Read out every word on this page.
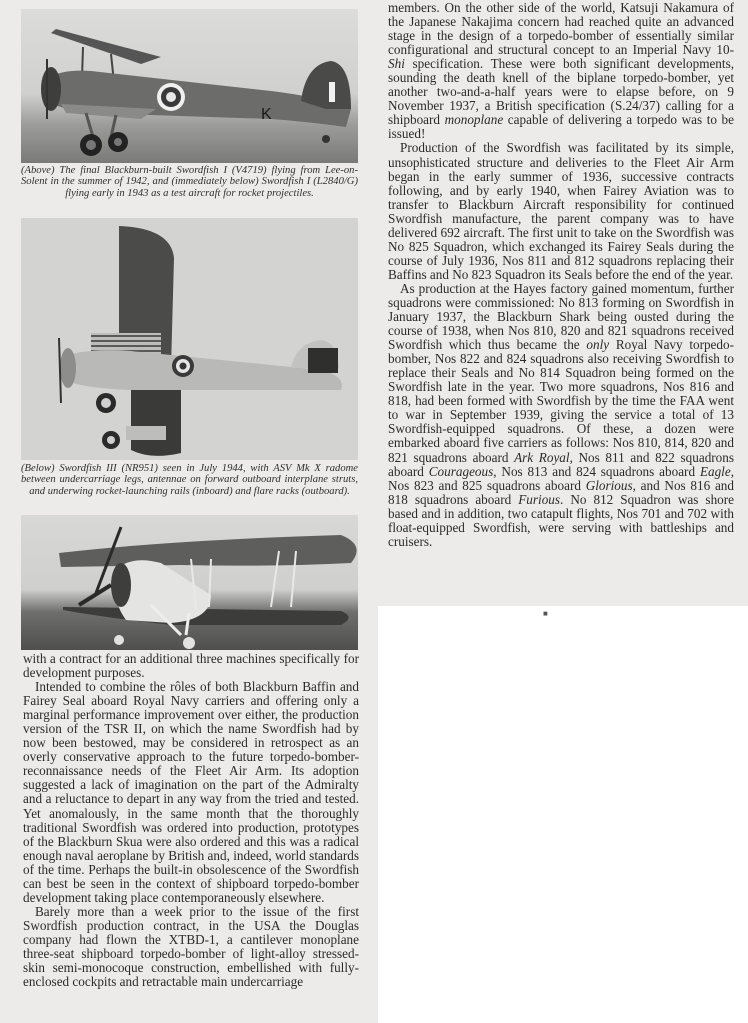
K
(Above) The final Blackburn-built Swordfish I (V4719) flying from Lee-on-Solent in the summer of 1942, and (immediately below) Swordfish I (L2840/G) flying early in 1943 as a test aircraft for rocket projectiles.
(Below) Swordfish III (NR951) seen in July 1944, with ASV Mk X radome between undercarriage legs, antennae on forward outboard interplane struts, and underwing rocket-launching rails (inboard) and flare racks (outboard).

with a contract for an additional three machines specifically for development purposes.

Intended to combine the rôles of both Blackburn Baffin and Fairey Seal aboard Royal Navy carriers and offering only a marginal performance improvement over either, the production version of the TSR II, on which the name Swordfish had by now been bestowed, may be considered in retrospect as an overly conservative approach to the future torpedo-bomber-reconnaissance needs of the Fleet Air Arm. Its adoption suggested a lack of imagination on the part of the Admiralty and a reluctance to depart in any way from the tried and tested. Yet anomalously, in the same month that the thoroughly traditional Swordfish was ordered into production, prototypes of the Blackburn Skua were also ordered and this was a radical enough naval aeroplane by British and, indeed, world standards of the time. Perhaps the built-in obsolescence of the Swordfish can best be seen in the context of shipboard torpedo-bomber development taking place contemporaneously elsewhere.

Barely more than a week prior to the issue of the first Swordfish production contract, in the USA the Douglas company had flown the XTBD-1, a cantilever monoplane three-seat shipboard torpedo-bomber of light-alloy stressed-skin semi-monocoque construction, embellished with fully-enclosed cockpits and retractable main undercarriage

members. On the other side of the world, Katsuji Nakamura of the Japanese Nakajima concern had reached quite an advanced stage in the design of a torpedo-bomber of essentially similar configurational and structural concept to an Imperial Navy 10-Shi specification. These were both significant developments, sounding the death knell of the biplane torpedo-bomber, yet another two-and-a-half years were to elapse before, on 9 November 1937, a British specification (S.24/37) calling for a shipboard monoplane capable of delivering a torpedo was to be issued!

Production of the Swordfish was facilitated by its simple, unsophisticated structure and deliveries to the Fleet Air Arm began in the early summer of 1936, successive contracts following, and by early 1940, when Fairey Aviation was to transfer to Blackburn Aircraft responsibility for continued Swordfish manufacture, the parent company was to have delivered 692 aircraft. The first unit to take on the Swordfish was No 825 Squadron, which exchanged its Fairey Seals during the course of July 1936, Nos 811 and 812 squadrons replacing their Baffins and No 823 Squadron its Seals before the end of the year.

As production at the Hayes factory gained momentum, further squadrons were commissioned: No 813 forming on Swordfish in January 1937, the Blackburn Shark being ousted during the course of 1938, when Nos 810, 820 and 821 squadrons received Swordfish which thus became the only Royal Navy torpedo-bomber, Nos 822 and 824 squadrons also receiving Swordfish to replace their Seals and No 814 Squadron being formed on the Swordfish late in the year. Two more squadrons, Nos 816 and 818, had been formed with Swordfish by the time the FAA went to war in September 1939, giving the service a total of 13 Swordfish-equipped squadrons. Of these, a dozen were embarked aboard five carriers as follows: Nos 810, 814, 820 and 821 squadrons aboard Ark Royal, Nos 811 and 822 squadrons aboard Courageous, Nos 813 and 824 squadrons aboard Eagle, Nos 823 and 825 squadrons aboard Glorious, and Nos 816 and 818 squadrons aboard Furious. No 812 Squadron was shore based and in addition, two catapult flights, Nos 701 and 702 with float-equipped Swordfish, were serving with battleships and cruisers.

■
